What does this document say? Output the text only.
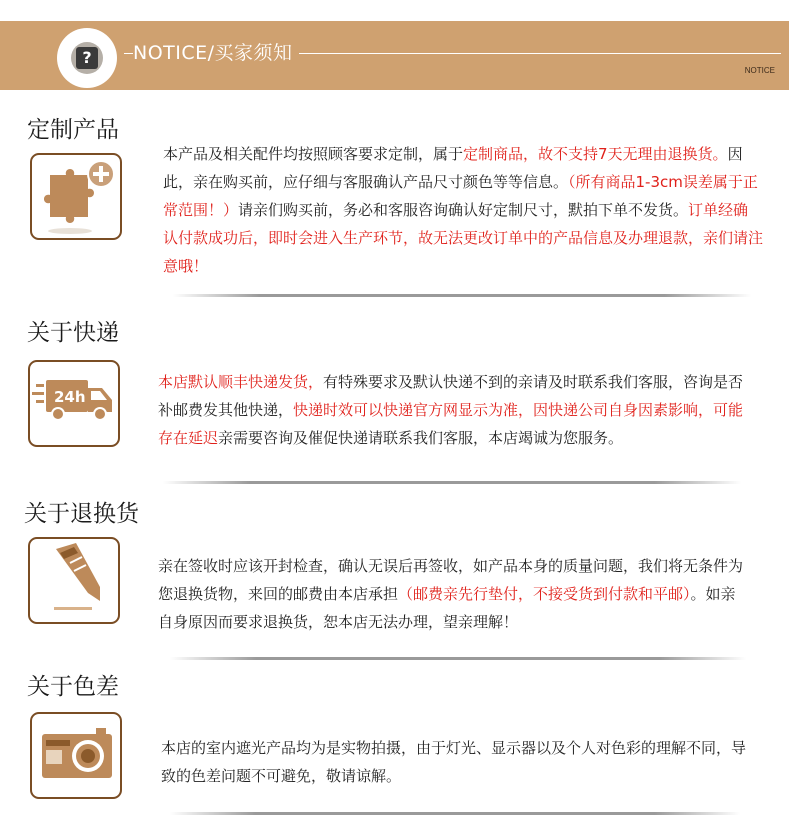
?	NOTICE/买家须知
NOTICE
定制产品
本产品及相关配件均按照顾客要求定制，属于定制商品，故不支持7天无理由退换货。因此，亲在购买前，应仔细与客服确认产品尺寸颜色等等信息。（所有商品1-3cm误差属于正常范围！）请亲们购买前，务必和客服咨询确认好定制尺寸，默拍下单不发货。订单经确认付款成功后，即时会进入生产环节，故无法更改订单中的产品信息及办理退款，亲们请注意哦！
关于快递
24h
本店默认顺丰快递发货，有特殊要求及默认快递不到的亲请及时联系我们客服，咨询是否补邮费发其他快递，快递时效可以快递官方网显示为准，因快递公司自身因素影响，可能存在延迟亲需要咨询及催促快递请联系我们客服，本店竭诚为您服务。
关于退换货
亲在签收时应该开封检查，确认无误后再签收，如产品本身的质量问题，我们将无条件为您退换货物，来回的邮费由本店承担（邮费亲先行垫付，不接受货到付款和平邮）。如亲自身原因而要求退换货，恕本店无法办理，望亲理解！
关于色差
本店的室内遮光产品均为是实物拍摄，由于灯光、显示器以及个人对色彩的理解不同，导致的色差问题不可避免，敬请谅解。
